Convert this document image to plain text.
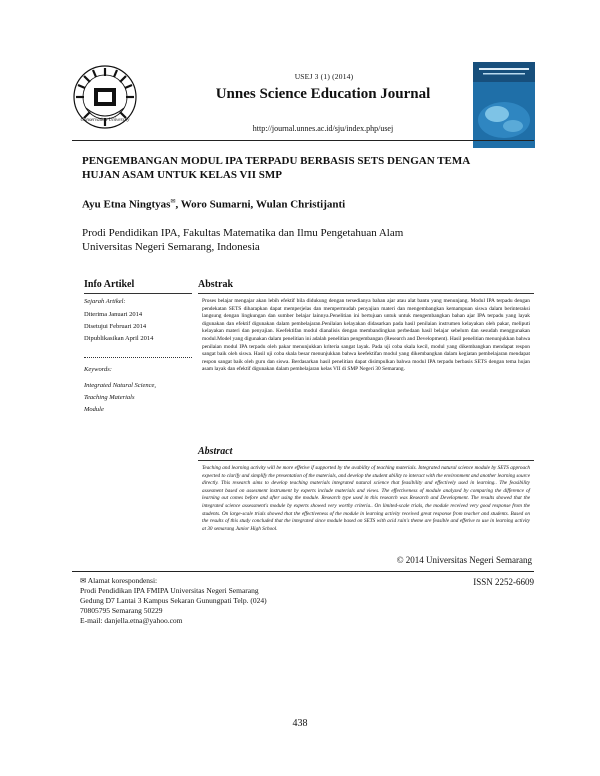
Conservation University
USEJ 3 (1) (2014)
Unnes Science Education Journal
http://journal.unnes.ac.id/sju/index.php/usej
PENGEMBANGAN MODUL IPA TERPADU BERBASIS SETS DENGAN TEMA
HUJAN ASAM UNTUK KELAS VII SMP
Ayu Etna Ningtyas✉, Woro Sumarni, Wulan Christijanti
Prodi Pendidikan IPA, Fakultas Matematika dan Ilmu Pengetahuan Alam
Universitas Negeri Semarang, Indonesia
Info Artikel
Sejarah Artikel:
Diterima Januari 2014
Disetujui Februari 2014
Dipublikasikan April 2014
Keywords:
Integrated Natural Science,
Teaching Materials
Module
Abstrak
Proses belajar mengajar akan lebih efektif bila didukung dengan tersedianya bahan ajar atau alat bantu yang menunjang. Modul IPA terpadu dengan pendekatan SETS diharapkan dapat memperjelas dan mempermudah penyajian materi dan mengembangkan kemampuan siswa dalam berinteraksi langsung dengan lingkungan dan sumber belajar lainnya.Penelitian ini bertujuan untuk untuk mengembangkan bahan ajar IPA terpadu yang layak digunakan dan efektif digunakan dalam pembelajaran.Penilaian kelayakan didasarkan pada hasil penilaian instrumen kelayakan oleh pakar, meliputi kelayakan materi dan penyajian. Keefektifan modul dianalisis dengan membandingkan perbedaan hasil belajar sebelum dan sesudah menggunakan modul.Model yang digunakan dalam penelitian ini adalah penelitian pengembangan (Research and Development). Hasil penelitian menunjukkan bahwa penilaian modul IPA terpadu oleh pakar menunjukkan kriteria sangat layak. Pada uji coba skala kecil, modul yang dikembangkan mendapat respon sangat baik oleh siswa. Hasil uji coba skala besar menunjukkan bahwa keefektifan modul yang dikembangkan dalam kegiatan pembelajaran mendapat respon sangat baik oleh guru dan siswa. Berdasarkan hasil penelitian dapat disimpulkan bahwa modul IPA terpadu berbasis SETS dengan tema hujan asam layak dan efektif digunakan dalam pembelajaran kelas VII di SMP Negeri 30 Semarang.
Abstract
Teaching and learning activity will be more effetive if supported by the avability of teaching materials. Integrated natural science module by SETS approach expected to clarify and simplify the presentation of the materials, and develop the student ability to interact with the environment and another learning source directly. This research aims to develop teaching materials integrated natural science that feasibility and effectively used in learning.. The feasibility assesment based on assesment instrument by experts include materials and views. The effectiveness of module analyzed by comparing the difference of learning out comes before and after using the module. Research type used in this research was Research and Development. The results showed that the integrated science assessment's module by experts showed very worthy criteria.. On limited-scale trials, the module received very good response from the students. On large-scale trials showed that the effectiveness of the module in learning activity received great response from teacher and students. Based on the results of this study concluded that the integrated since module based on SETS with acid rain's theme are feasible and effetive to use in learning activity at 30 semarang Junior High School.
© 2014 Universitas Negeri Semarang
✉ Alamat korespondensi:
Prodi Pendidikan IPA FMIPA Universitas Negeri Semarang
Gedung D7 Lantai 3 Kampus Sekaran Gunungpati Telp. (024)
70805795 Semarang 50229
E-mail: danjella.etna@yahoo.com
ISSN 2252-6609
438
